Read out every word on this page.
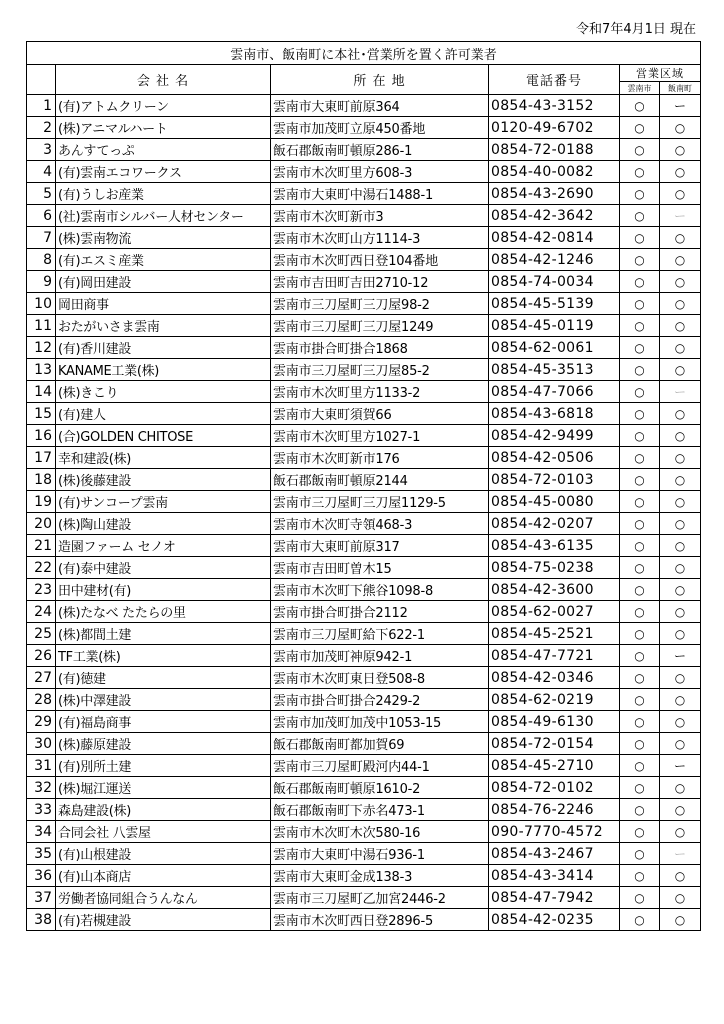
令和7年4月1日 現在
雲南市、飯南町に本社･営業所を置く許可業者					
	会 社 名	所 在 地	電話番号	営業区域	
				雲南市	飯南町
1	(有)アトムクリーン	雲南市大東町前原364	0854-43-3152	○	ー
2	(株)アニマルハート	雲南市加茂町立原450番地	0120-49-6702	○	○
3	あんすてっぷ	飯石郡飯南町頓原286-1	0854-72-0188	○	○
4	(有)雲南エコワークス	雲南市木次町里方608-3	0854-40-0082	○	○
5	(有)うしお産業	雲南市大東町中湯石1488-1	0854-43-2690	○	○
6	(社)雲南市シルバー人材センター	雲南市木次町新市3	0854-42-3642	○	ー
7	(株)雲南物流	雲南市木次町山方1114-3	0854-42-0814	○	○
8	(有)エスミ産業	雲南市木次町西日登104番地	0854-42-1246	○	○
9	(有)岡田建設	雲南市吉田町吉田2710-12	0854-74-0034	○	○
10	岡田商事	雲南市三刀屋町三刀屋98-2	0854-45-5139	○	○
11	おたがいさま雲南	雲南市三刀屋町三刀屋1249	0854-45-0119	○	○
12	(有)香川建設	雲南市掛合町掛合1868	0854-62-0061	○	○
13	KANAME工業(株)	雲南市三刀屋町三刀屋85-2	0854-45-3513	○	○
14	(株)きこり	雲南市木次町里方1133-2	0854-47-7066	○	ー
15	(有)建人	雲南市大東町須賀66	0854-43-6818	○	○
16	(合)GOLDEN CHITOSE	雲南市木次町里方1027-1	0854-42-9499	○	○
17	幸和建設(株)	雲南市木次町新市176	0854-42-0506	○	○
18	(株)後藤建設	飯石郡飯南町頓原2144	0854-72-0103	○	○
19	(有)サンコープ雲南	雲南市三刀屋町三刀屋1129-5	0854-45-0080	○	○
20	(株)陶山建設	雲南市木次町寺領468-3	0854-42-0207	○	○
21	造園ファーム セノオ	雲南市大東町前原317	0854-43-6135	○	○
22	(有)泰中建設	雲南市吉田町曽木15	0854-75-0238	○	○
23	田中建材(有)	雲南市木次町下熊谷1098-8	0854-42-3600	○	○
24	(株)たなべ たたらの里	雲南市掛合町掛合2112	0854-62-0027	○	○
25	(株)都間土建	雲南市三刀屋町給下622-1	0854-45-2521	○	○
26	TF工業(株)	雲南市加茂町神原942-1	0854-47-7721	○	ー
27	(有)徳建	雲南市木次町東日登508-8	0854-42-0346	○	○
28	(株)中澤建設	雲南市掛合町掛合2429-2	0854-62-0219	○	○
29	(有)福島商事	雲南市加茂町加茂中1053-15	0854-49-6130	○	○
30	(株)藤原建設	飯石郡飯南町都加賀69	0854-72-0154	○	○
31	(有)別所土建	雲南市三刀屋町殿河内44-1	0854-45-2710	○	ー
32	(株)堀江運送	飯石郡飯南町頓原1610-2	0854-72-0102	○	○
33	森島建設(株)	飯石郡飯南町下赤名473-1	0854-76-2246	○	○
34	合同会社 八雲屋	雲南市木次町木次580-16	090-7770-4572	○	○
35	(有)山根建設	雲南市大東町中湯石936-1	0854-43-2467	○	ー
36	(有)山本商店	雲南市大東町金成138-3	0854-43-3414	○	○
37	労働者協同組合うんなん	雲南市三刀屋町乙加宮2446-2	0854-47-7942	○	○
38	(有)若槻建設	雲南市木次町西日登2896-5	0854-42-0235	○	○
